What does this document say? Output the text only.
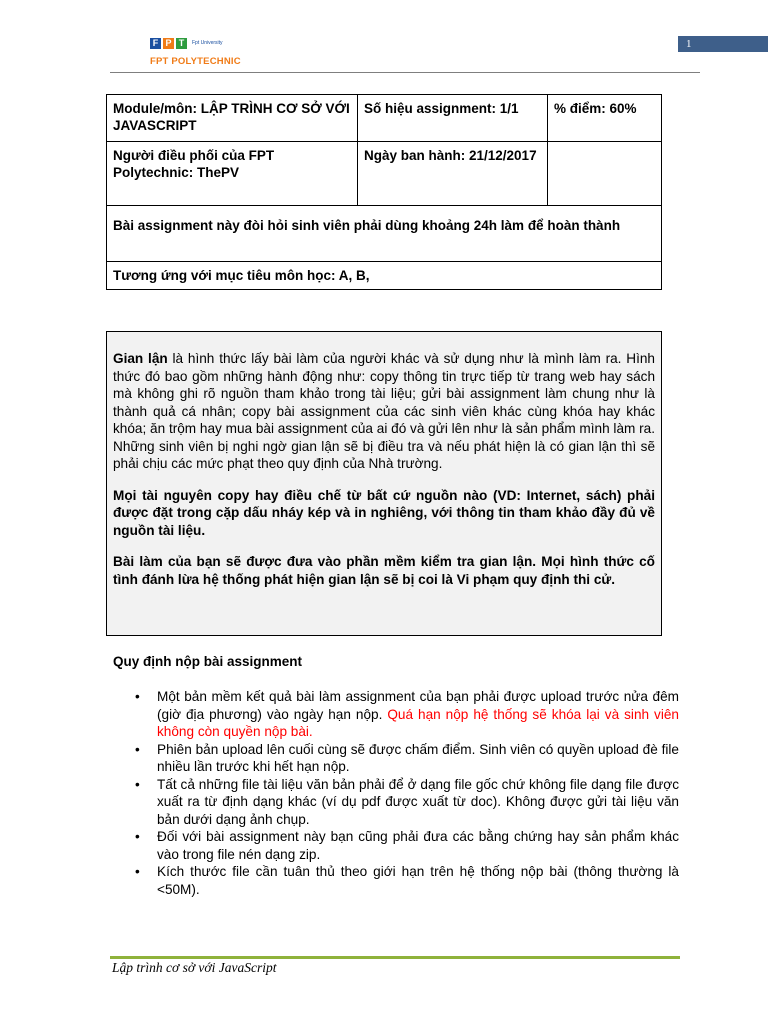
F P T	Fpt University
FPT POLYTECHNIC
1
Module/môn: LẬP TRÌNH CƠ SỞ VỚI JAVASCRIPT	Số hiệu assignment: 1/1	% điểm: 60%
Người điều phối của FPT Polytechnic: ThePV	Ngày ban hành: 21/12/2017	
Bài assignment này đòi hỏi sinh viên phải dùng khoảng 24h làm để hoàn thành		
Tương ứng với mục tiêu môn học: A, B,		

Gian lận là hình thức lấy bài làm của người khác và sử dụng như là mình làm ra. Hình thức đó bao gồm những hành động như: copy thông tin trực tiếp từ trang web hay sách mà không ghi rõ nguồn tham khảo trong tài liệu; gửi bài assignment làm chung như là thành quả cá nhân; copy bài assignment của các sinh viên khác cùng khóa hay khác khóa; ăn trộm hay mua bài assignment của ai đó và gửi lên như là sản phẩm mình làm ra. Những sinh viên bị nghi ngờ gian lận sẽ bị điều tra và nếu phát hiện là có gian lận thì sẽ phải chịu các mức phạt theo quy định của Nhà trường.

Mọi tài nguyên copy hay điều chế từ bất cứ nguồn nào (VD: Internet, sách) phải được đặt trong cặp dấu nháy kép và in nghiêng, với thông tin tham khảo đầy đủ về nguồn tài liệu.

Bài làm của bạn sẽ được đưa vào phần mềm kiểm tra gian lận. Mọi hình thức cố tình đánh lừa hệ thống phát hiện gian lận sẽ bị coi là Vi phạm quy định thi cử.

Quy định nộp bài assignment
• Một bản mềm kết quả bài làm assignment của bạn phải được upload trước nửa đêm (giờ địa phương) vào ngày hạn nộp. Quá hạn nộp hệ thống sẽ khóa lại và sinh viên không còn quyền nộp bài.
• Phiên bản upload lên cuối cùng sẽ được chấm điểm. Sinh viên có quyền upload đè file nhiều lần trước khi hết hạn nộp.
• Tất cả những file tài liệu văn bản phải để ở dạng file gốc chứ không file dạng file được xuất ra từ định dạng khác (ví dụ pdf được xuất từ doc). Không được gửi tài liệu văn bản dưới dạng ảnh chụp.
• Đối với bài assignment này bạn cũng phải đưa các bằng chứng hay sản phẩm khác vào trong file nén dạng zip.
• Kích thước file cần tuân thủ theo giới hạn trên hệ thống nộp bài (thông thường là <50M).
Lập trình cơ sở với JavaScript
